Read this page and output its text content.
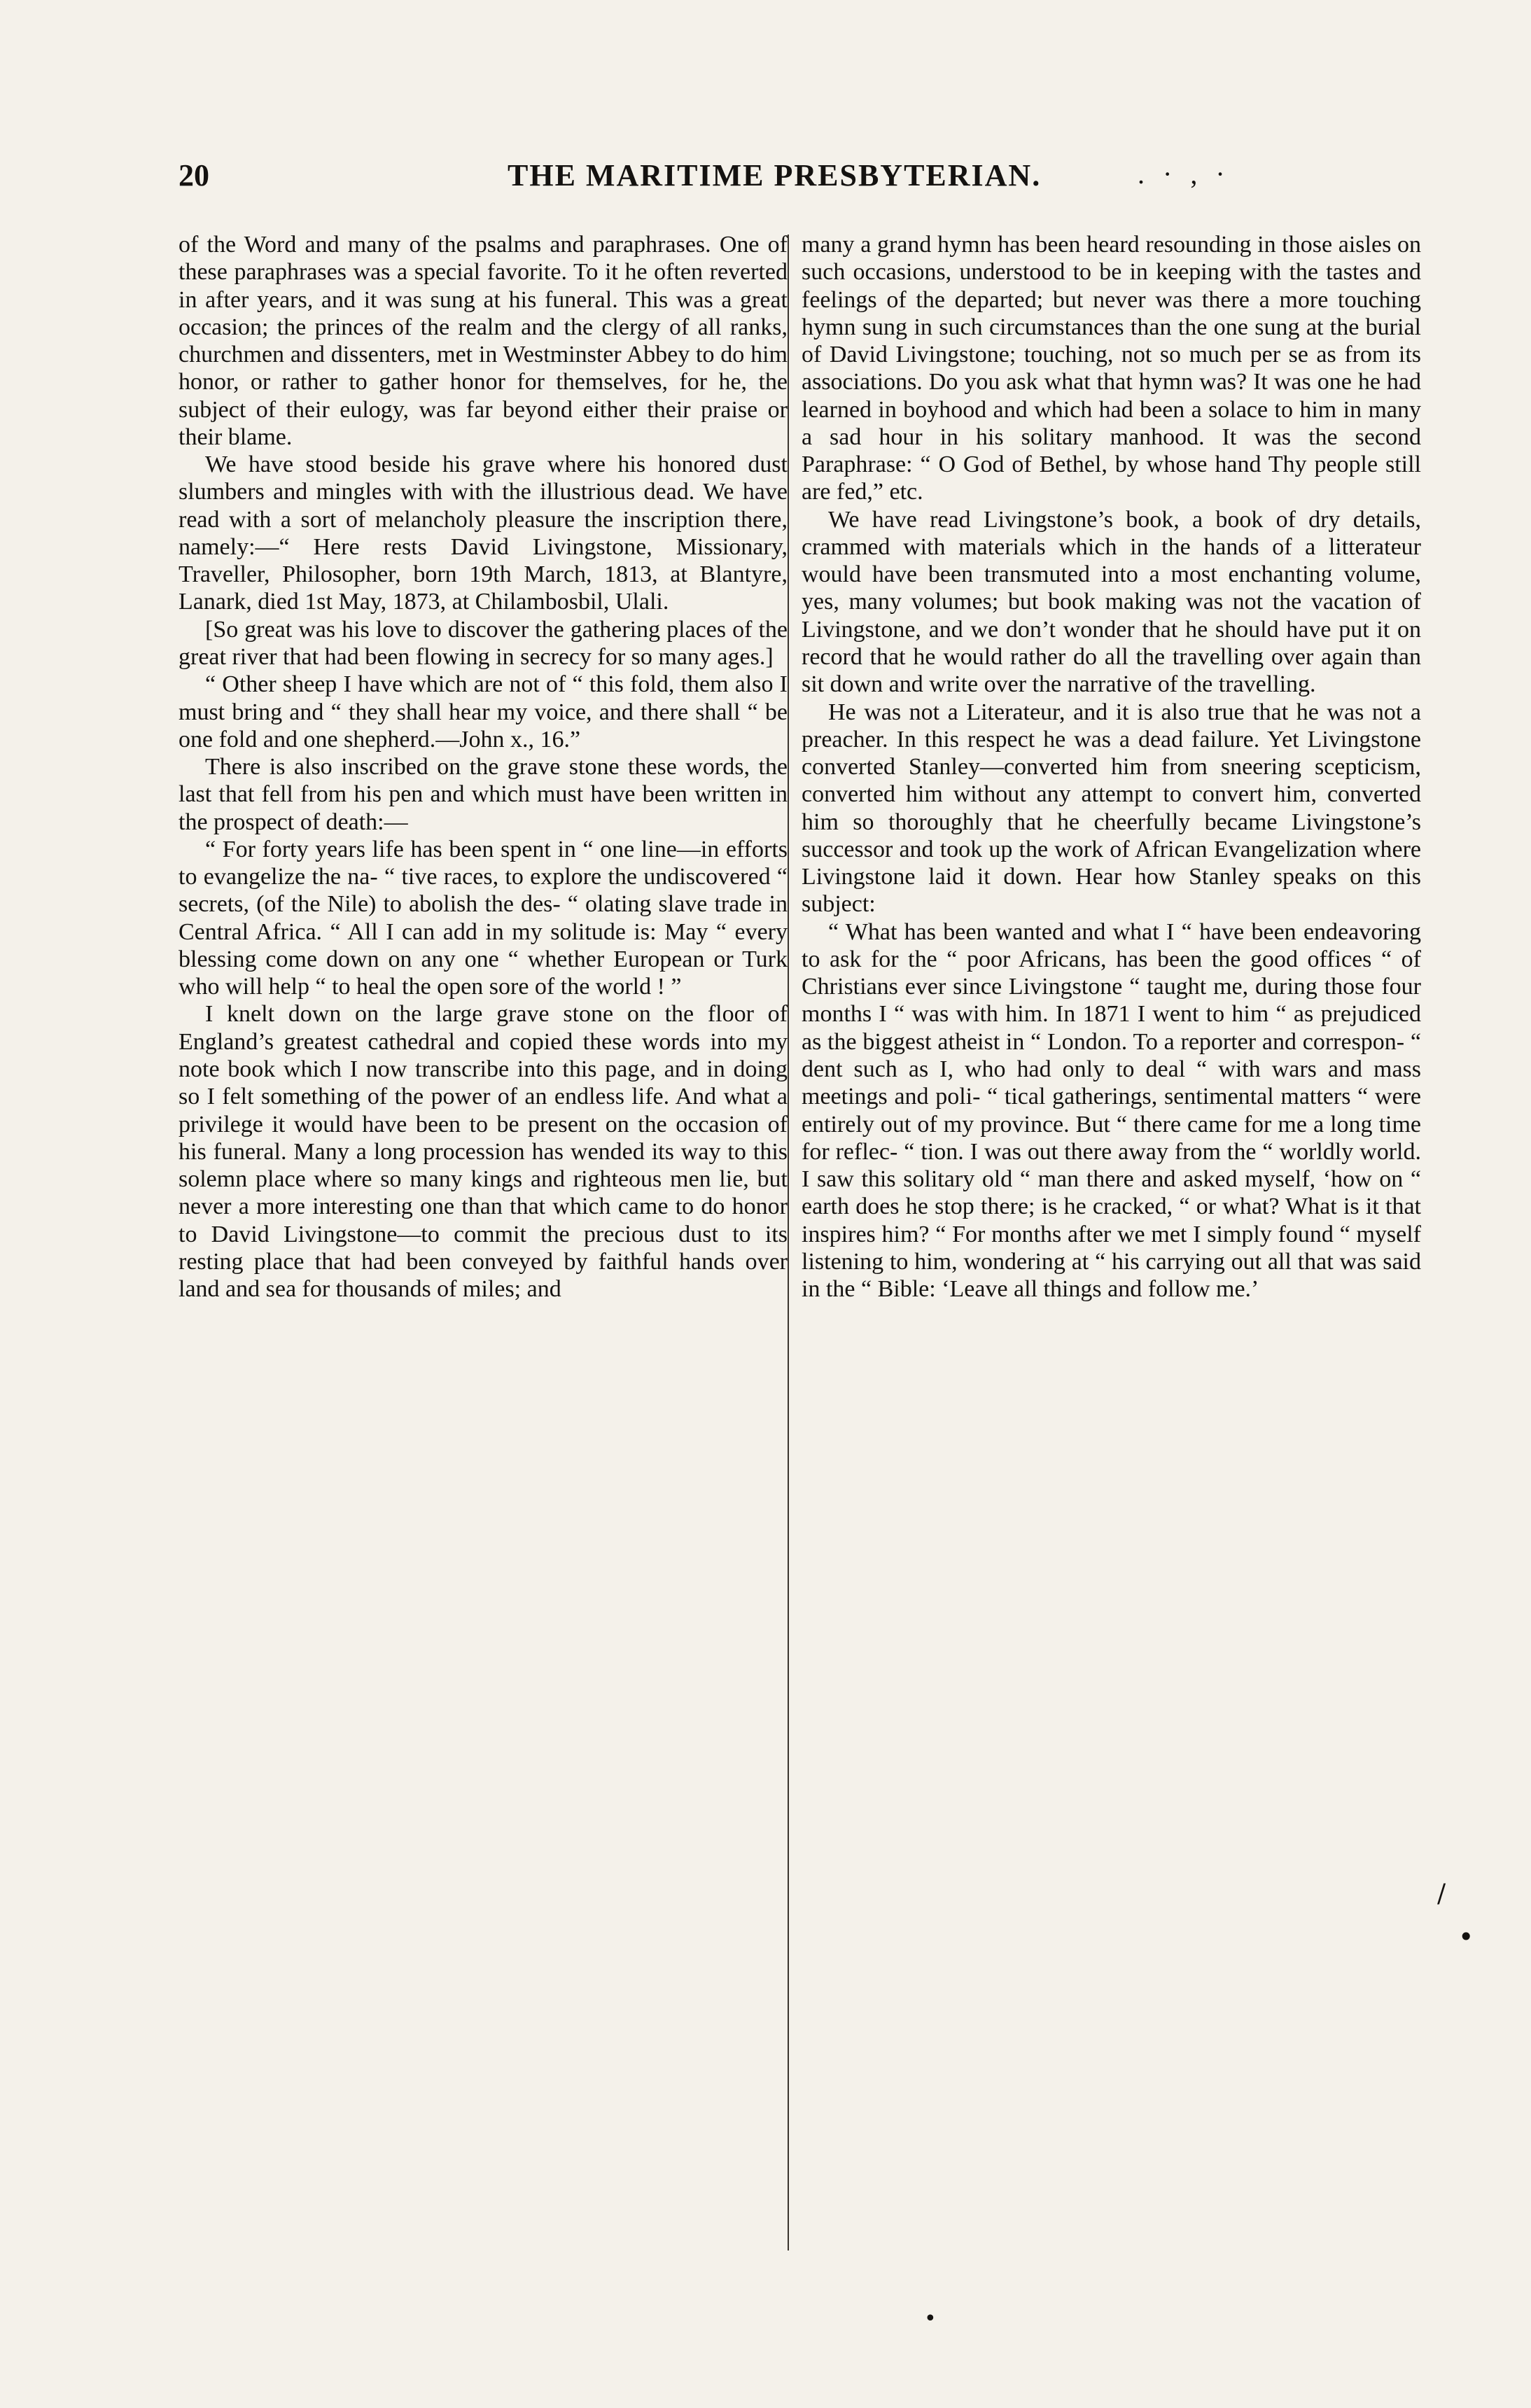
20	THE MARITIME PRESBYTERIAN.	. · , ·

of the Word and many of the psalms and paraphrases. One of these paraphrases was a special favorite. To it he often reverted in after years, and it was sung at his funeral. This was a great occasion; the princes of the realm and the clergy of all ranks, churchmen and dissenters, met in Westminster Abbey to do him honor, or rather to gather honor for themselves, for he, the subject of their eulogy, was far beyond either their praise or their blame.

We have stood beside his grave where his honored dust slumbers and mingles with with the illustrious dead. We have read with a sort of melancholy pleasure the inscription there, namely:—“ Here rests David Livingstone, Missionary, Traveller, Philosopher, born 19th March, 1813, at Blantyre, Lanark, died 1st May, 1873, at Chilambosbil, Ulali.

[So great was his love to discover the gathering places of the great river that had been flowing in secrecy for so many ages.]

“ Other sheep I have which are not of “ this fold, them also I must bring and “ they shall hear my voice, and there shall “ be one fold and one shepherd.—John x., 16.”

There is also inscribed on the grave stone these words, the last that fell from his pen and which must have been written in the prospect of death:—

“ For forty years life has been spent in “ one line—in efforts to evangelize the na- “ tive races, to explore the undiscovered “ secrets, (of the Nile) to abolish the des- “ olating slave trade in Central Africa. “ All I can add in my solitude is: May “ every blessing come down on any one “ whether European or Turk who will help “ to heal the open sore of the world ! ”

I knelt down on the large grave stone on the floor of England’s greatest cathedral and copied these words into my note book which I now transcribe into this page, and in doing so I felt something of the power of an endless life. And what a privilege it would have been to be present on the occasion of his funeral. Many a long procession has wended its way to this solemn place where so many kings and righteous men lie, but never a more interesting one than that which came to do honor to David Livingstone—to commit the precious dust to its resting place that had been conveyed by faithful hands over land and sea for thousands of miles; and

many a grand hymn has been heard resounding in those aisles on such occasions, understood to be in keeping with the tastes and feelings of the departed; but never was there a more touching hymn sung in such circumstances than the one sung at the burial of David Livingstone; touching, not so much per se as from its associations. Do you ask what that hymn was? It was one he had learned in boyhood and which had been a solace to him in many a sad hour in his solitary manhood. It was the second Paraphrase: “ O God of Bethel, by whose hand Thy people still are fed,” etc.

We have read Livingstone’s book, a book of dry details, crammed with materials which in the hands of a litterateur would have been transmuted into a most enchanting volume, yes, many volumes; but book making was not the vacation of Livingstone, and we don’t wonder that he should have put it on record that he would rather do all the travelling over again than sit down and write over the narrative of the travelling.

He was not a Literateur, and it is also true that he was not a preacher. In this respect he was a dead failure. Yet Livingstone converted Stanley—converted him from sneering scepticism, converted him without any attempt to convert him, converted him so thoroughly that he cheerfully became Livingstone’s successor and took up the work of African Evangelization where Livingstone laid it down. Hear how Stanley speaks on this subject:

“ What has been wanted and what I “ have been endeavoring to ask for the “ poor Africans, has been the good offices “ of Christians ever since Livingstone “ taught me, during those four months I “ was with him. In 1871 I went to him “ as prejudiced as the biggest atheist in “ London. To a reporter and correspon- “ dent such as I, who had only to deal “ with wars and mass meetings and poli- “ tical gatherings, sentimental matters “ were entirely out of my province. But “ there came for me a long time for reflec- “ tion. I was out there away from the “ worldly world. I saw this solitary old “ man there and asked myself, ‘how on “ earth does he stop there; is he cracked, “ or what? What is it that inspires him? “ For months after we met I simply found “ myself listening to him, wondering at “ his carrying out all that was said in the “ Bible: ‘Leave all things and follow me.’

/
•
•
